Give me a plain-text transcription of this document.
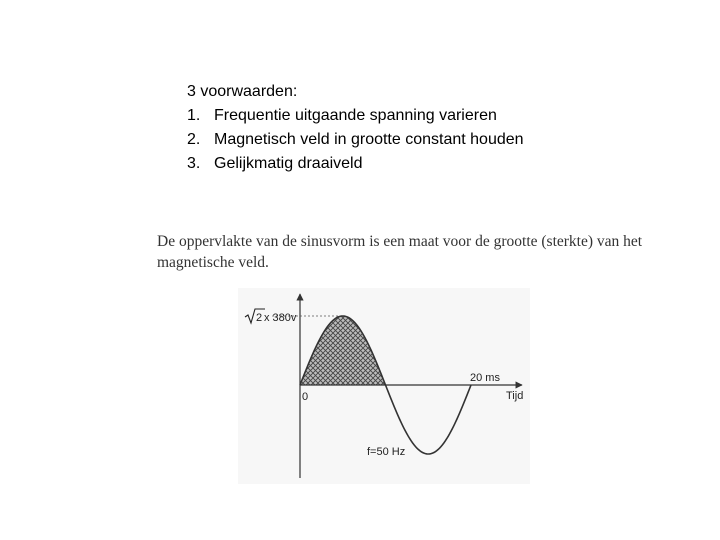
3 voorwaarden:
1. Frequentie uitgaande spanning varieren
2. Magnetisch veld in grootte constant houden
3. Gelijkmatig draaiveld
De oppervlakte van de sinusvorm is een maat voor de grootte (sterkte) van het magnetische veld.
2 x 380v
0
20 ms
Tijd
f=50 Hz
